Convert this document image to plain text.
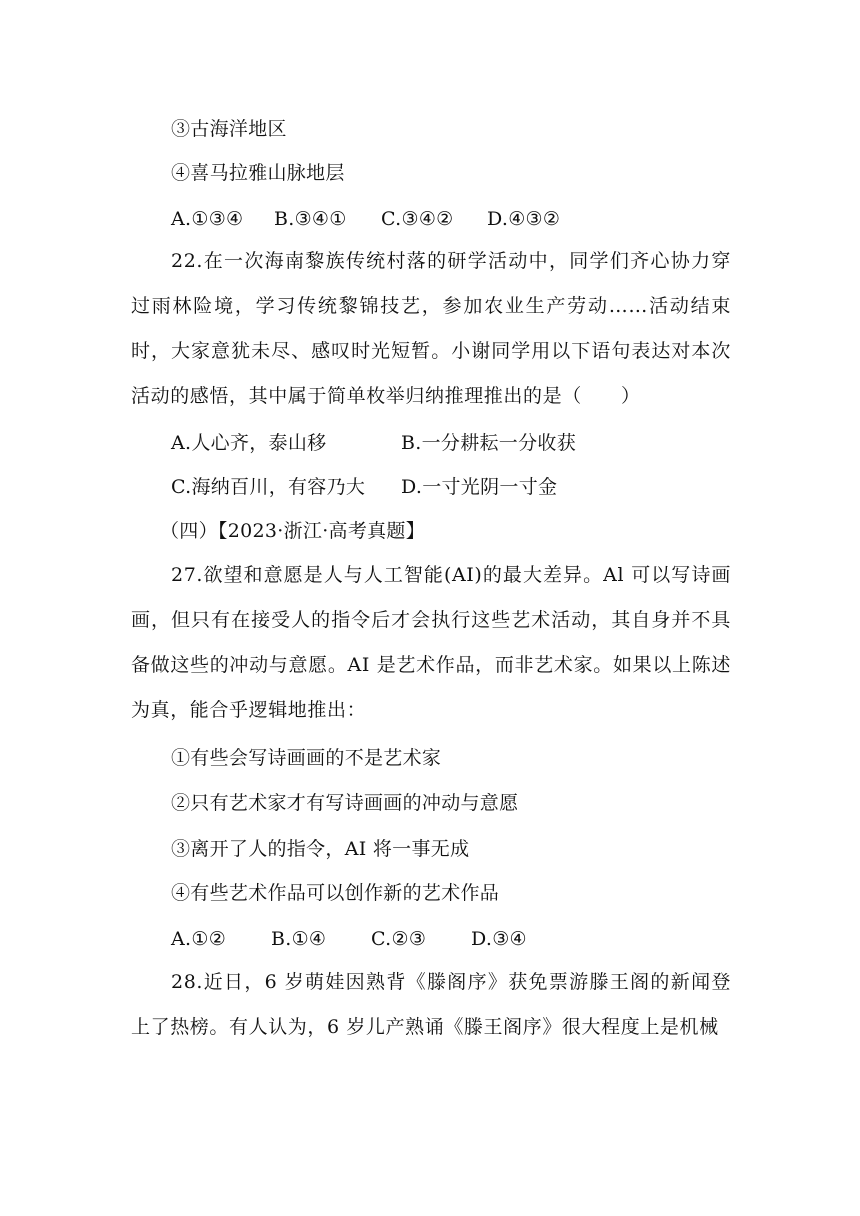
③古海洋地区
④喜马拉雅山脉地层
A.①③④ B.③④① C.③④② D.④③②
22.在一次海南黎族传统村落的研学活动中，同学们齐心协力穿过雨林险境，学习传统黎锦技艺，参加农业生产劳动……活动结束时，大家意犹未尽、感叹时光短暂。小谢同学用以下语句表达对本次活动的感悟，其中属于简单枚举归纳推理推出的是（　　）
A.人心齐，泰山移	B.一分耕耘一分收获
C.海纳百川，有容乃大 D.一寸光阴一寸金
（四）【2023·浙江·高考真题】
27.欲望和意愿是人与人工智能(AI)的最大差异。Al 可以写诗画画，但只有在接受人的指令后才会执行这些艺术活动，其自身并不具备做这些的冲动与意愿。AI 是艺术作品，而非艺术家。如果以上陈述为真，能合乎逻辑地推出：
①有些会写诗画画的不是艺术家
②只有艺术家才有写诗画画的冲动与意愿
③离开了人的指令，AI 将一事无成
④有些艺术作品可以创作新的艺术作品
A.①② B.①④ C.②③ D.③④
28.近日，6 岁萌娃因熟背《滕阁序》获免票游滕王阁的新闻登上了热榜。有人认为，6 岁儿产熟诵《滕王阁序》很大程度上是机械
